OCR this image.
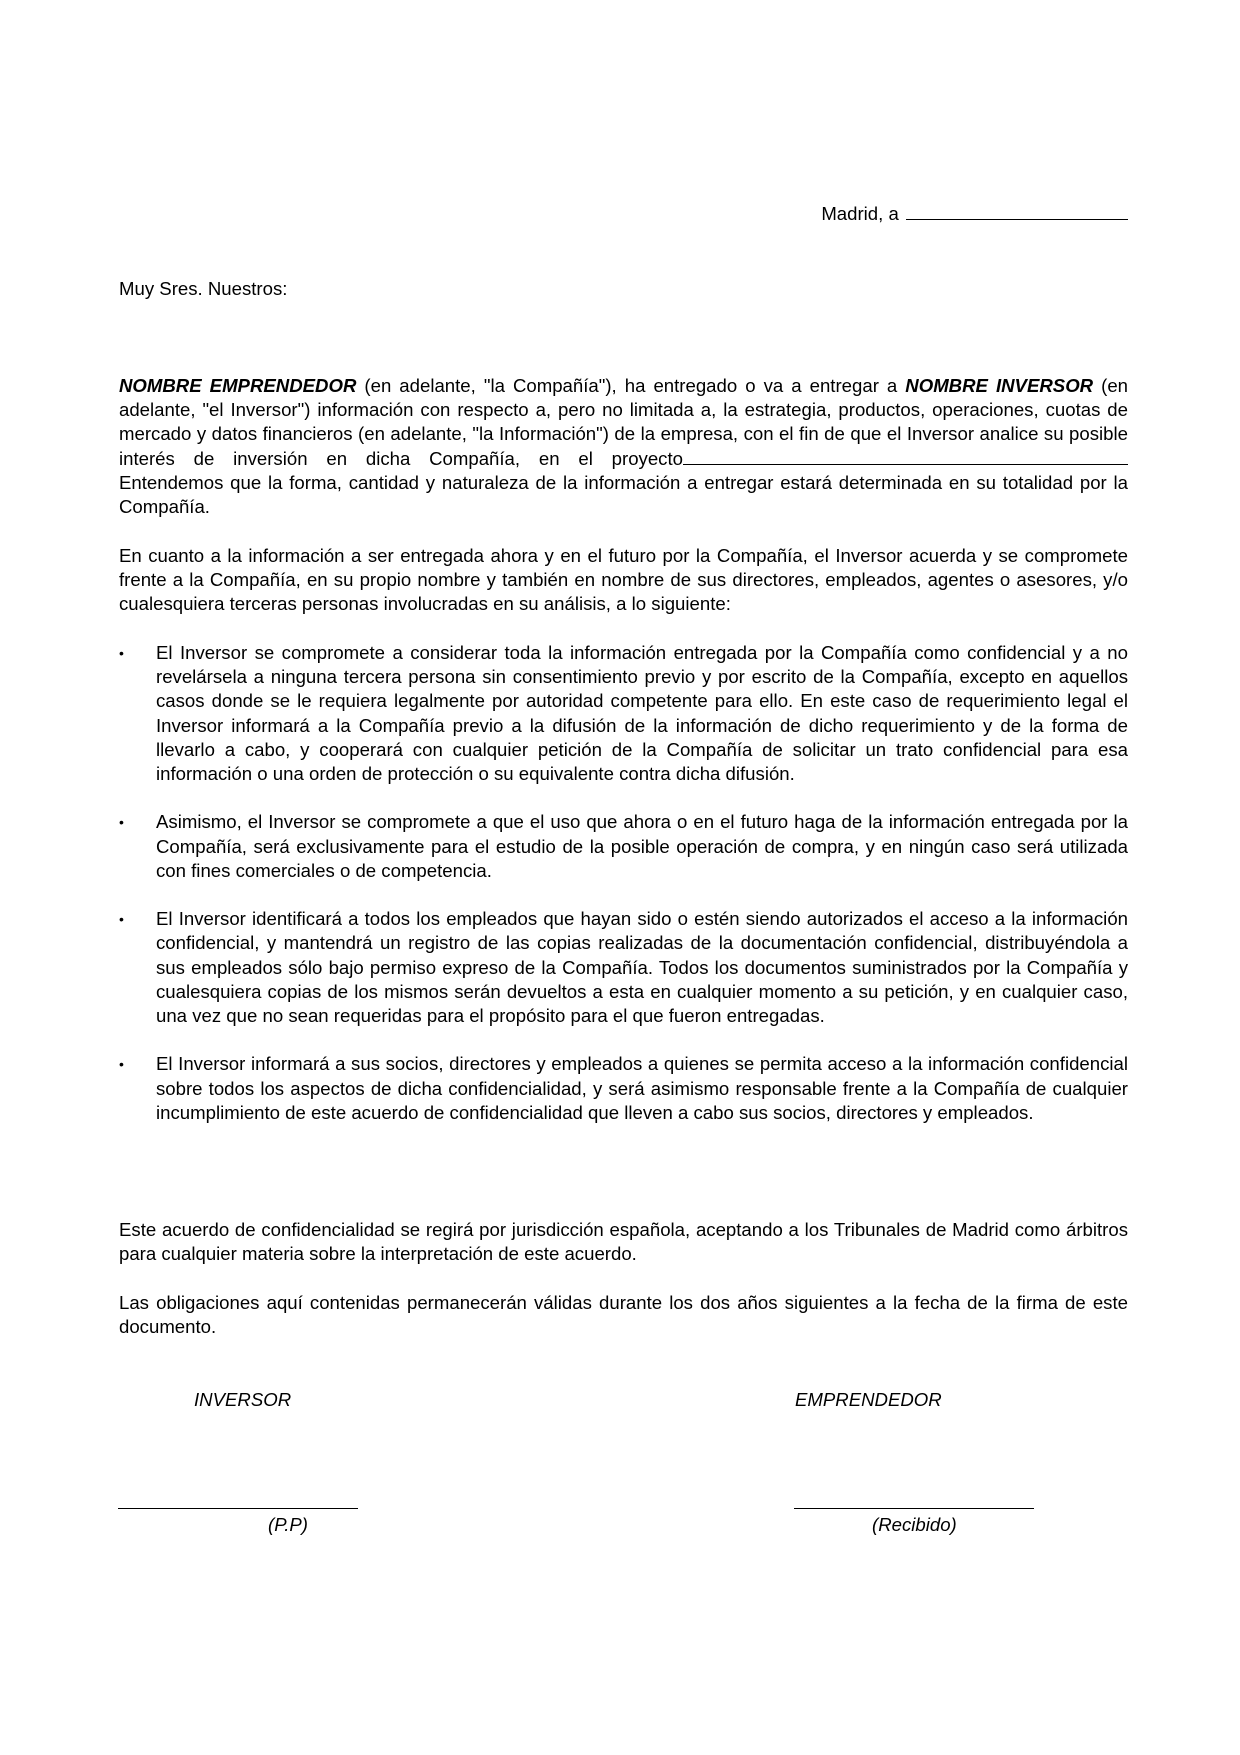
Madrid, a
Muy Sres. Nuestros:

NOMBRE EMPRENDEDOR (en adelante, "la Compañía"), ha entregado o va a entregar a NOMBRE INVERSOR (en adelante, "el Inversor") información con respecto a, pero no limitada a, la estrategia, productos, operaciones, cuotas de mercado y datos financieros (en adelante, "la Información") de la empresa, con el fin de que el Inversor analice su posible interés de inversión en dicha Compañía, en el proyecto Entendemos que la forma, cantidad y naturaleza de la información a entregar estará determinada en su totalidad por la Compañía.

En cuanto a la información a ser entregada ahora y en el futuro por la Compañía, el Inversor acuerda y se compromete frente a la Compañía, en su propio nombre y también en nombre de sus directores, empleados, agentes o asesores, y/o cualesquiera terceras personas involucradas en su análisis, a lo siguiente:

• El Inversor se compromete a considerar toda la información entregada por la Compañía como confidencial y a no revelársela a ninguna tercera persona sin consentimiento previo y por escrito de la Compañía, excepto en aquellos casos donde se le requiera legalmente por autoridad competente para ello. En este caso de requerimiento legal el Inversor informará a la Compañía previo a la difusión de la información de dicho requerimiento y de la forma de llevarlo a cabo, y cooperará con cualquier petición de la Compañía de solicitar un trato confidencial para esa información o una orden de protección o su equivalente contra dicha difusión.
• Asimismo, el Inversor se compromete a que el uso que ahora o en el futuro haga de la información entregada por la Compañía, será exclusivamente para el estudio de la posible operación de compra, y en ningún caso será utilizada con fines comerciales o de competencia.
• El Inversor identificará a todos los empleados que hayan sido o estén siendo autorizados el acceso a la información confidencial, y mantendrá un registro de las copias realizadas de la documentación confidencial, distribuyéndola a sus empleados sólo bajo permiso expreso de la Compañía. Todos los documentos suministrados por la Compañía y cualesquiera copias de los mismos serán devueltos a esta en cualquier momento a su petición, y en cualquier caso, una vez que no sean requeridas para el propósito para el que fueron entregadas.
• El Inversor informará a sus socios, directores y empleados a quienes se permita acceso a la información confidencial sobre todos los aspectos de dicha confidencialidad, y será asimismo responsable frente a la Compañía de cualquier incumplimiento de este acuerdo de confidencialidad que lleven a cabo sus socios, directores y empleados.

Este acuerdo de confidencialidad se regirá por jurisdicción española, aceptando a los Tribunales de Madrid como árbitros para cualquier materia sobre la interpretación de este acuerdo.

Las obligaciones aquí contenidas permanecerán válidas durante los dos años siguientes a la fecha de la firma de este documento.

INVERSOR	EMPRENDEDOR
(P.P)	(Recibido)
